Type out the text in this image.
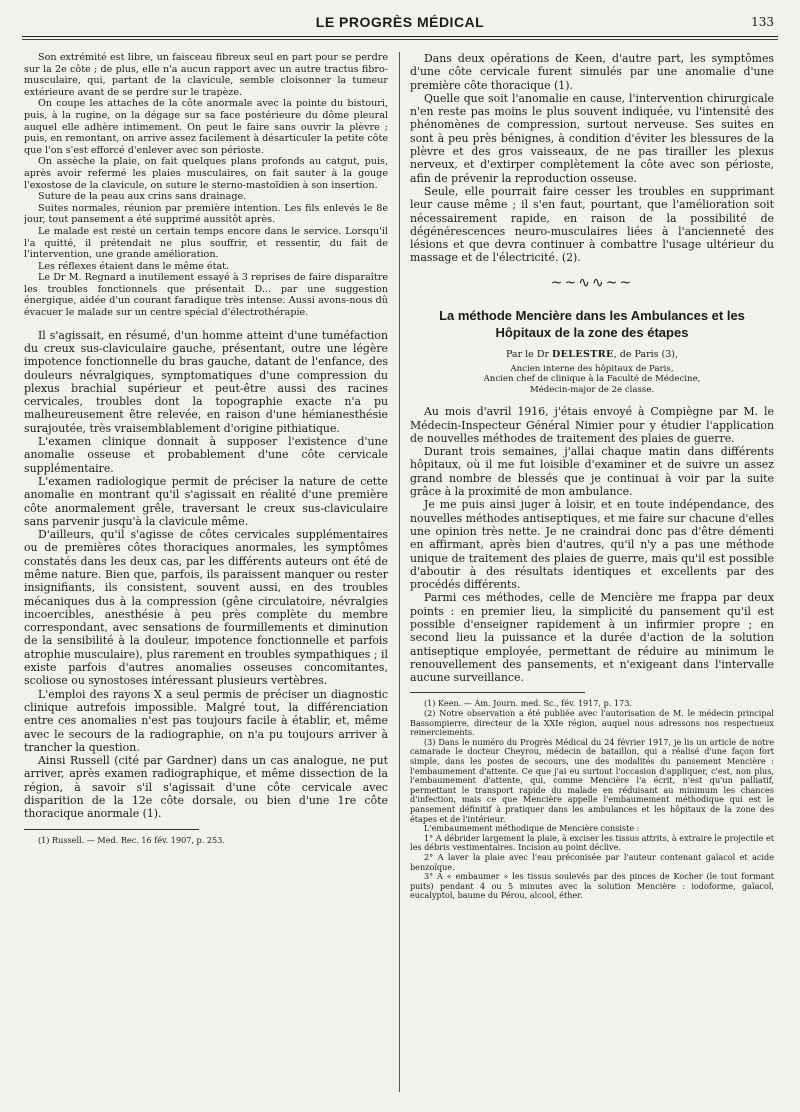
LE PROGRÈS MÉDICAL	133

Son extrémité est libre, un faisceau fibreux seul en part pour se perdre sur la 2e côte ; de plus, elle n'a aucun rapport avec un autre tractus fibro-musculaire, qui, partant de la clavicule, semble cloisonner la tumeur extérieure avant de se perdre sur le trapèze.

On coupe les attaches de la côte anormale avec la pointe du bistouri, puis, à la rugine, on la dégage sur sa face postérieure du dôme pleural auquel elle adhère intimement. On peut le faire sans ouvrir la plèvre ; puis, en remontant, on arrive assez facilement à désarticuler la petite côte que l'on s'est efforcé d'enlever avec son périoste.

On assèche la plaie, on fait quelques plans profonds au catgut, puis, après avoir refermé les plaies musculaires, on fait sauter à la gouge l'exostose de la clavicule, on suture le sterno-mastoïdien à son insertion.

Suture de la peau aux crins sans drainage.

Suites normales, réunion par première intention. Les fils enlevés le 8e jour, tout pansement a été supprimé aussitôt après.

Le malade est resté un certain temps encore dans le service. Lorsqu'il l'a quitté, il prétendait ne plus souffrir, et ressentir, du fait de l'intervention, une grande amélioration.

Les réflexes étaient dans le même état.

Le Dr M. Regnard a inutilement essayé à 3 reprises de faire disparaître les troubles fonctionnels que présentait D... par une suggestion énergique, aidée d'un courant faradique très intense. Aussi avons-nous dû évacuer le malade sur un centre spécial d'électrothérapie.

Il s'agissait, en résumé, d'un homme atteint d'une tuméfaction du creux sus-claviculaire gauche, présentant, outre une légère impotence fonctionnelle du bras gauche, datant de l'enfance, des douleurs névralgiques, symptomatiques d'une compression du plexus brachial supérieur et peut-être aussi des racines cervicales, troubles dont la topographie exacte n'a pu malheureusement être relevée, en raison d'une hémianesthésie surajoutée, très vraisemblablement d'origine pithiatique.

L'examen clinique donnait à supposer l'existence d'une anomalie osseuse et probablement d'une côte cervicale supplémentaire.

L'examen radiologique permit de préciser la nature de cette anomalie en montrant qu'il s'agissait en réalité d'une première côte anormalement grêle, traversant le creux sus-claviculaire sans parvenir jusqu'à la clavicule même.

D'ailleurs, qu'il s'agisse de côtes cervicales supplémentaires ou de premières côtes thoraciques anormales, les symptômes constatés dans les deux cas, par les différents auteurs ont été de même nature. Bien que, parfois, ils paraissent manquer ou rester insignifiants, ils consistent, souvent aussi, en des troubles mécaniques dus à la compression (gêne circulatoire, névralgies incoercibles, anesthésie à peu près complète du membre correspondant, avec sensations de fourmillements et diminution de la sensibilité à la douleur, impotence fonctionnelle et parfois atrophie musculaire), plus rarement en troubles sympathiques ; il existe parfois d'autres anomalies osseuses concomitantes, scoliose ou synostoses intéressant plusieurs vertèbres.

L'emploi des rayons X a seul permis de préciser un diagnostic clinique autrefois impossible. Malgré tout, la différenciation entre ces anomalies n'est pas toujours facile à établir, et, même avec le secours de la radiographie, on n'a pu toujours arriver à trancher la question.

Ainsi Russell (cité par Gardner) dans un cas analogue, ne put arriver, après examen radiographique, et même dissection de la région, à savoir s'il s'agissait d'une côte cervicale avec disparition de la 12e côte dorsale, ou bien d'une 1re côte thoracique anormale (1).

(1) Russell. — Med. Rec. 16 fév. 1907, p. 253.

Dans deux opérations de Keen, d'autre part, les symptômes d'une côte cervicale furent simulés par une anomalie d'une première côte thoracique (1).

Quelle que soit l'anomalie en cause, l'intervention chirurgicale n'en reste pas moins le plus souvent indiquée, vu l'intensité des phénomènes de compression, surtout nerveuse. Ses suites en sont à peu près bénignes, à condition d'éviter les blessures de la plèvre et des gros vaisseaux, de ne pas tirailler les plexus nerveux, et d'extirper complètement la côte avec son périoste, afin de prévenir la reproduction osseuse.

Seule, elle pourrait faire cesser les troubles en supprimant leur cause même ; il s'en faut, pourtant, que l'amélioration soit nécessairement rapide, en raison de la possibilité de dégénérescences neuro-musculaires liées à l'ancienneté des lésions et que devra continuer à combattre l'usage ultérieur du massage et de l'électricité. (2).

~~∿∿~~
La méthode Mencière dans les Ambulances et les Hôpitaux de la zone des étapes
Par le Dr DELESTRE, de Paris (3),
Ancien interne des hôpitaux de Paris,
Ancien chef de clinique à la Faculté de Médecine,
Médecin-major de 2e classe.

Au mois d'avril 1916, j'étais envoyé à Compiègne par M. le Médecin-Inspecteur Général Nimier pour y étudier l'application de nouvelles méthodes de traitement des plaies de guerre.

Durant trois semaines, j'allai chaque matin dans différents hôpitaux, où il me fut loisible d'examiner et de suivre un assez grand nombre de blessés que je continuai à voir par la suite grâce à la proximité de mon ambulance.

Je me puis ainsi juger à loisir, et en toute indépendance, des nouvelles méthodes antiseptiques, et me faire sur chacune d'elles une opinion très nette. Je ne craindrai donc pas d'être démenti en affirmant, après bien d'autres, qu'il n'y a pas une méthode unique de traitement des plaies de guerre, mais qu'il est possible d'aboutir à des résultats identiques et excellents par des procédés différents.

Parmi ces méthodes, celle de Mencière me frappa par deux points : en premier lieu, la simplicité du pansement qu'il est possible d'enseigner rapidement à un infirmier propre ; en second lieu la puissance et la durée d'action de la solution antiseptique employée, permettant de réduire au minimum le renouvellement des pansements, et n'exigeant dans l'intervalle aucune surveillance.

(1) Keen. — Am. Journ. med. Sc., fév. 1917, p. 173.

(2) Notre observation a été publiée avec l'autorisation de M. le médecin principal Bassompierre, directeur de la XXIe région, auquel nous adressons nos respectueux remerciements.

(3) Dans le numéro du Progrès Médical du 24 février 1917, je lis un article de notre camarade le docteur Cheyrou, médecin de bataillon, qui a réalisé d'une façon fort simple, dans les postes de secours, une des modalités du pansement Mencière : l'embaumement d'attente. Ce que j'ai eu surtout l'occasion d'appliquer, c'est, non plus, l'embaumement d'attente, qui, comme Mencière l'a écrit, n'est qu'un palliatif, permettant le transport rapide du malade en réduisant au minimum les chances d'infection, mais ce que Mencière appelle l'embaumement méthodique qui est le pansement définitif à pratiquer dans les ambulances et les hôpitaux de la zone des étapes et de l'intérieur.

L'embaumement méthodique de Mencière consiste :

1° A débrider largement la plaie, à exciser les tissus attrits, à extraire le projectile et les débris vestimentaires. Incision au point déclive.

2° A laver la plaie avec l'eau préconisée par l'auteur contenant gaïacol et acide benzoïque.

3° A « embaumer » les tissus soulevés par des pinces de Kocher (le tout formant puits) pendant 4 ou 5 minutes avec la solution Mencière : iodoforme, gaïacol, eucalyptol, baume du Pérou, alcool, éther.
